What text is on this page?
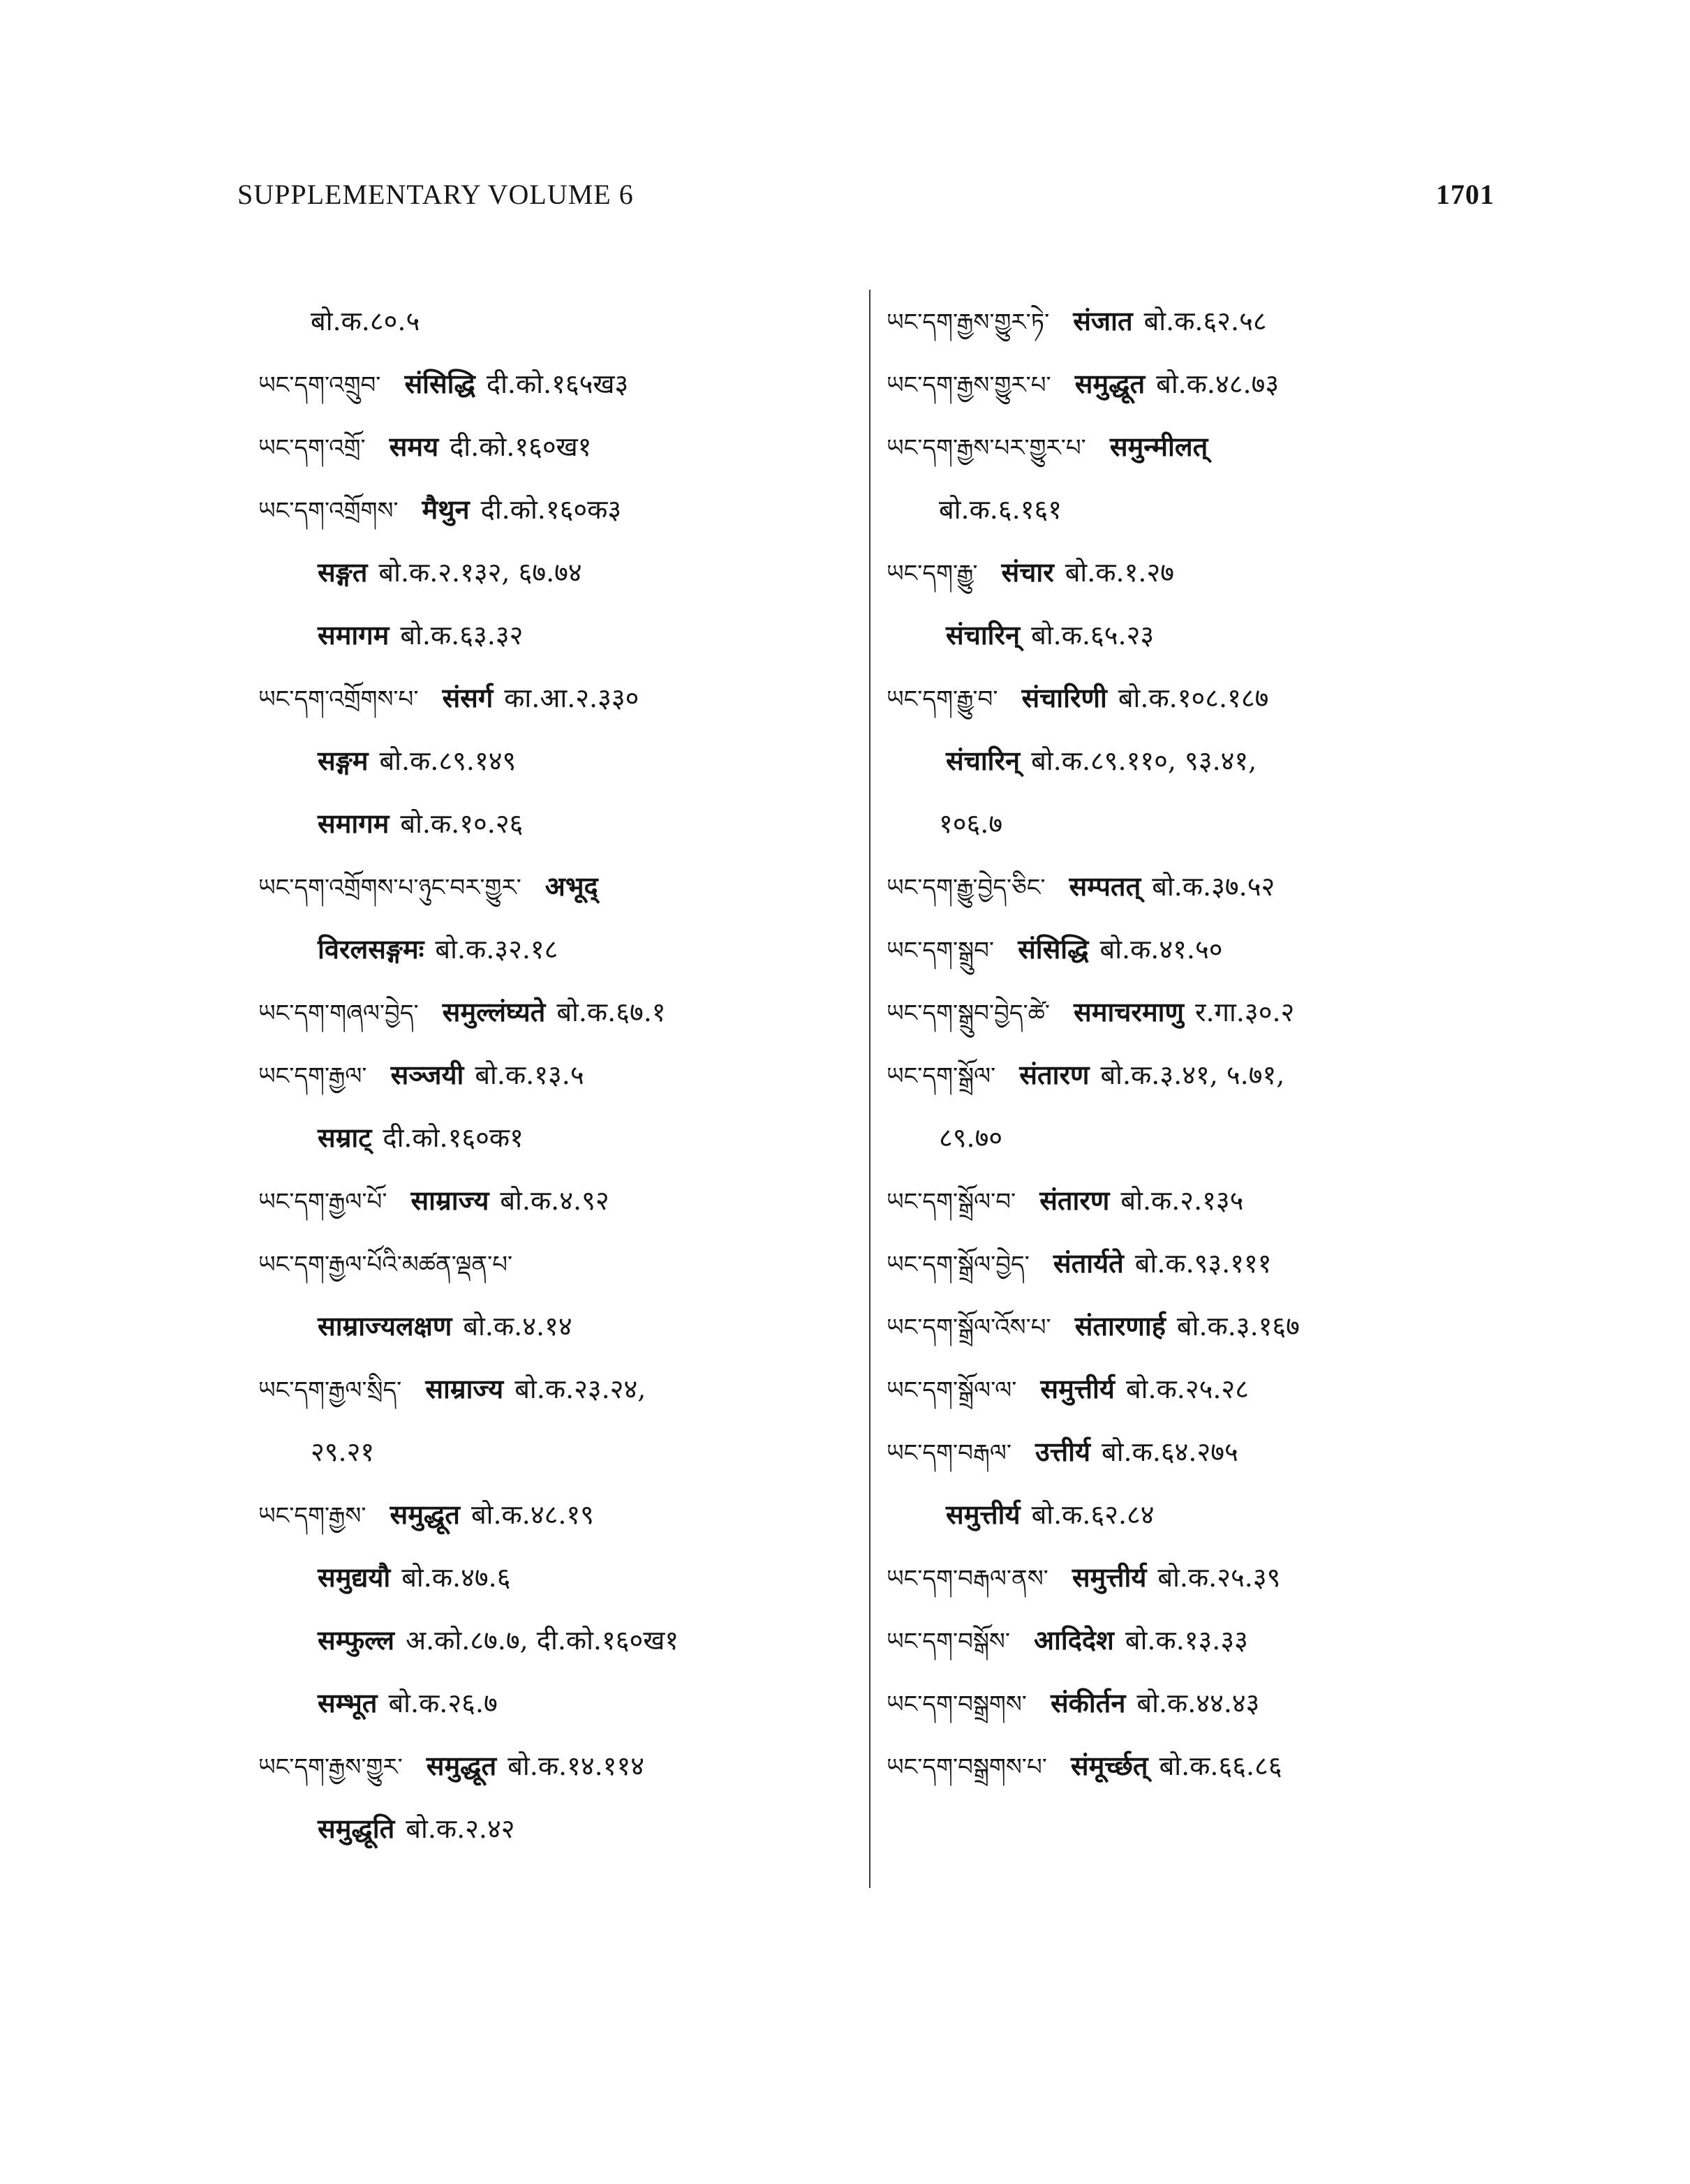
SUPPLEMENTARY VOLUME 6	1701
बो.क.८०.५
ཡང་དག་འགྲུབ་ संसिद्धि दी.को.१६५ख३
ཡང་དག་འགྲོ་ समय दी.को.१६०ख१
ཡང་དག་འགྲོགས་ मैथुन दी.को.१६०क३
सङ्गत बो.क.२.१३२, ६७.७४
समागम बो.क.६३.३२
ཡང་དག་འགྲོགས་པ་ संसर्ग का.आ.२.३३०
सङ्गम बो.क.८९.१४९
समागम बो.क.१०.२६
ཡང་དག་འགྲོགས་པ་ཉུང་བར་གྱུར་ अभूद्
विरलसङ्गमः बो.क.३२.१८
ཡང་དག་གཞལ་བྱེད་ समुल्लंघ्यते बो.क.६७.१
ཡང་དག་རྒྱལ་ सञ्जयी बो.क.१३.५
सम्राट् दी.को.१६०क१
ཡང་དག་རྒྱལ་པོ་ साम्राज्य बो.क.४.९२
ཡང་དག་རྒྱལ་པོའི་མཚན་ལྡན་པ་
साम्राज्यलक्षण बो.क.४.१४
ཡང་དག་རྒྱལ་སྲིད་ साम्राज्य बो.क.२३.२४,
२९.२१
ཡང་དག་རྒྱས་ समुद्धूत बो.क.४८.१९
समुद्ययौ बो.क.४७.६
सम्फुल्ल अ.को.८७.७, दी.को.१६०ख१
सम्भूत बो.क.२६.७
ཡང་དག་རྒྱས་གྱུར་ समुद्धूत बो.क.१४.११४
समुद्धूति बो.क.२.४२
ཡང་དག་རྒྱས་གྱུར་ཏེ་ संजात बो.क.६२.५८
ཡང་དག་རྒྱས་གྱུར་པ་ समुद्धूत बो.क.४८.७३
ཡང་དག་རྒྱས་པར་གྱུར་པ་ समुन्मीलत्
बो.क.६.१६१
ཡང་དག་རྒྱུ་ संचार बो.क.१.२७
संचारिन् बो.क.६५.२३
ཡང་དག་རྒྱུ་བ་ संचारिणी बो.क.१०८.१८७
संचारिन् बो.क.८९.११०, ९३.४१,
१०६.७
ཡང་དག་རྒྱུ་བྱེད་ཅིང་ सम्पतत् बो.क.३७.५२
ཡང་དག་སྒྲུབ་ संसिद्धि बो.क.४१.५०
ཡང་དག་སྒྲུབ་བྱེད་ཚེ་ समाचरमाणु र.गा.३०.२
ཡང་དག་སྒྲོལ་ संतारण बो.क.३.४१, ५.७१,
८९.७०
ཡང་དག་སྒྲོལ་བ་ संतारण बो.क.२.१३५
ཡང་དག་སྒྲོལ་བྱེད་ संतार्यते बो.क.९३.१११
ཡང་དག་སྒྲོལ་འོས་པ་ संतारणार्ह बो.क.३.१६७
ཡང་དག་སྒྲོལ་ལ་ समुत्तीर्य बो.क.२५.२८
ཡང་དག་བརྒལ་ उत्तीर्य बो.क.६४.२७५
समुत्तीर्य बो.क.६२.८४
ཡང་དག་བརྒལ་ནས་ समुत्तीर्य बो.क.२५.३९
ཡང་དག་བསྒོས་ आदिदेश बो.क.१३.३३
ཡང་དག་བསྒྲགས་ संकीर्तन बो.क.४४.४३
ཡང་དག་བསྒྲགས་པ་ संमूर्च्छत् बो.क.६६.८६
